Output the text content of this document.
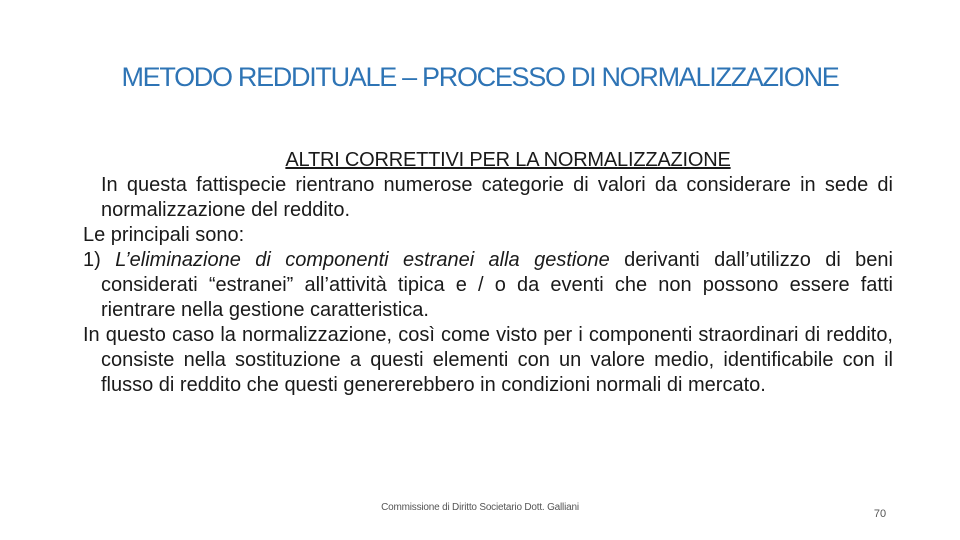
METODO REDDITUALE – PROCESSO DI NORMALIZZAZIONE
ALTRI CORRETTIVI PER LA NORMALIZZAZIONE

In questa fattispecie rientrano numerose categorie di valori da considerare in sede di normalizzazione del reddito.

Le principali sono:

1) L’eliminazione di componenti estranei alla gestione derivanti dall’utilizzo di beni considerati “estranei” all’attività tipica e / o da eventi che non possono essere fatti rientrare nella gestione caratteristica.

In questo caso la normalizzazione, così come visto per i componenti straordinari di reddito, consiste nella sostituzione a questi elementi con un valore medio, identificabile con il flusso di reddito che questi genererebbero in condizioni normali di mercato.

Commissione di Diritto Societario Dott. Galliani
70
